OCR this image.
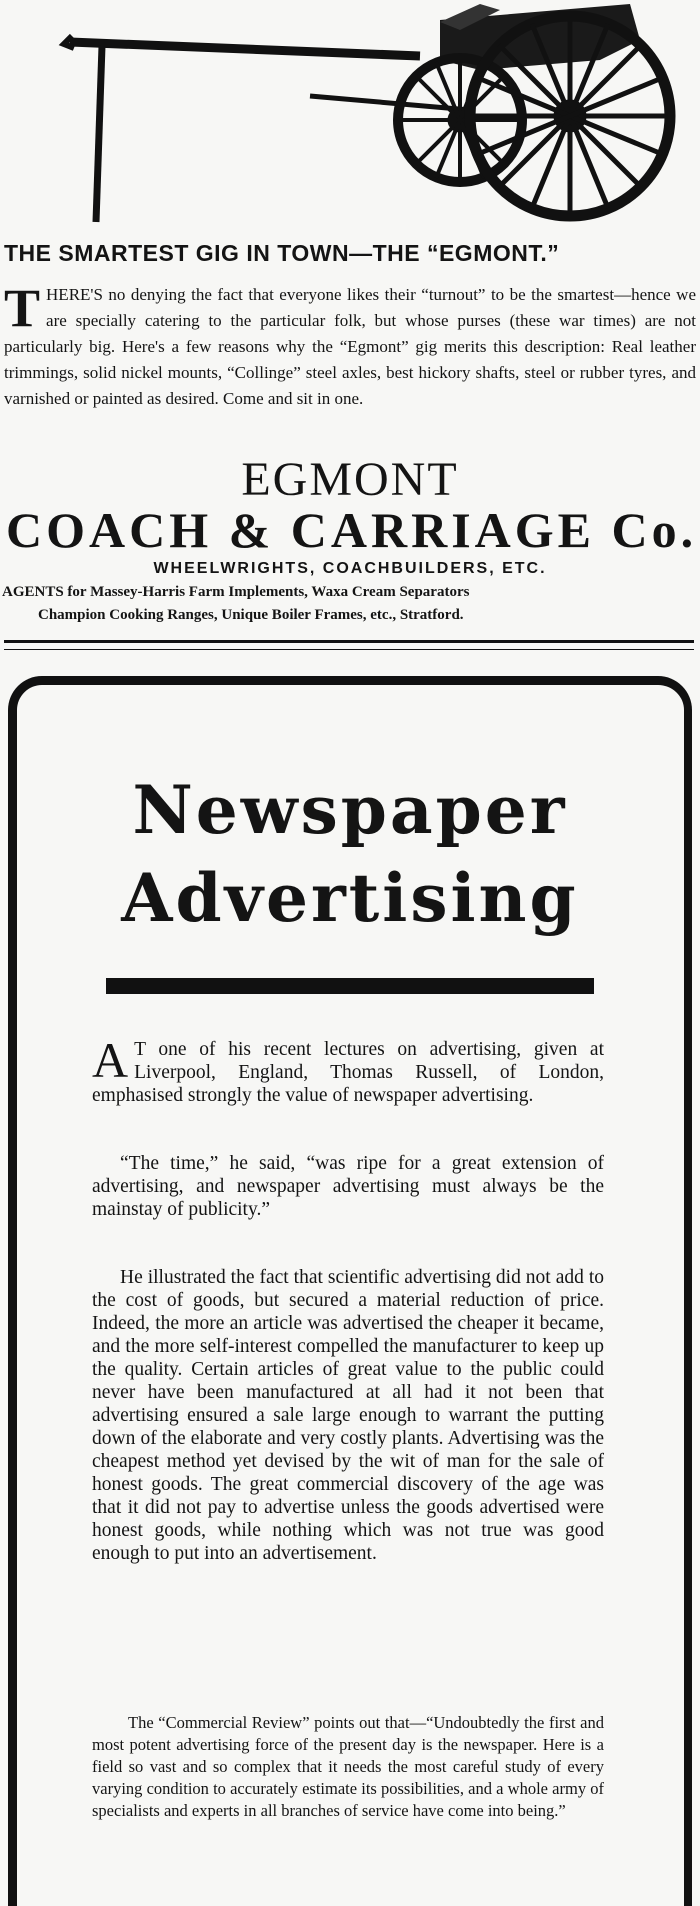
THE SMARTEST GIG IN TOWN—THE “EGMONT.”

THERE'S no denying the fact that everyone likes their “turnout” to be the smartest—hence we are specially catering to the particular folk, but whose purses (these war times) are not particularly big. Here's a few reasons why the “Egmont” gig merits this description: Real leather trimmings, solid nickel mounts, “Collinge” steel axles, best hickory shafts, steel or rubber tyres, and varnished or painted as desired. Come and sit in one.

EGMONT
COACH & CARRIAGE Co.
WHEELWRIGHTS, COACHBUILDERS, ETC.
AGENTS for Massey-Harris Farm Implements, Waxa Cream Separators
Champion Cooking Ranges, Unique Boiler Frames, etc., Stratford.
Newspaper
Advertising

A T one of his recent lectures on advertising, given at Liverpool, England, Thomas Russell, of London, emphasised strongly the value of newspaper advertising.

“The time,” he said, “was ripe for a great extension of advertising, and newspaper advertising must always be the mainstay of publicity.”

He illustrated the fact that scientific advertising did not add to the cost of goods, but secured a material reduction of price. Indeed, the more an article was advertised the cheaper it became, and the more self-interest compelled the manufacturer to keep up the quality. Certain articles of great value to the public could never have been manufactured at all had it not been that advertising ensured a sale large enough to warrant the putting down of the elaborate and very costly plants. Advertising was the cheapest method yet devised by the wit of man for the sale of honest goods. The great commercial discovery of the age was that it did not pay to advertise unless the goods advertised were honest goods, while nothing which was not true was good enough to put into an advertisement.

The “Commercial Review” points out that—“Undoubtedly the first and most potent advertising force of the present day is the newspaper. Here is a field so vast and so complex that it needs the most careful study of every varying condition to accurately estimate its possibilities, and a whole army of specialists and experts in all branches of service have come into being.”
